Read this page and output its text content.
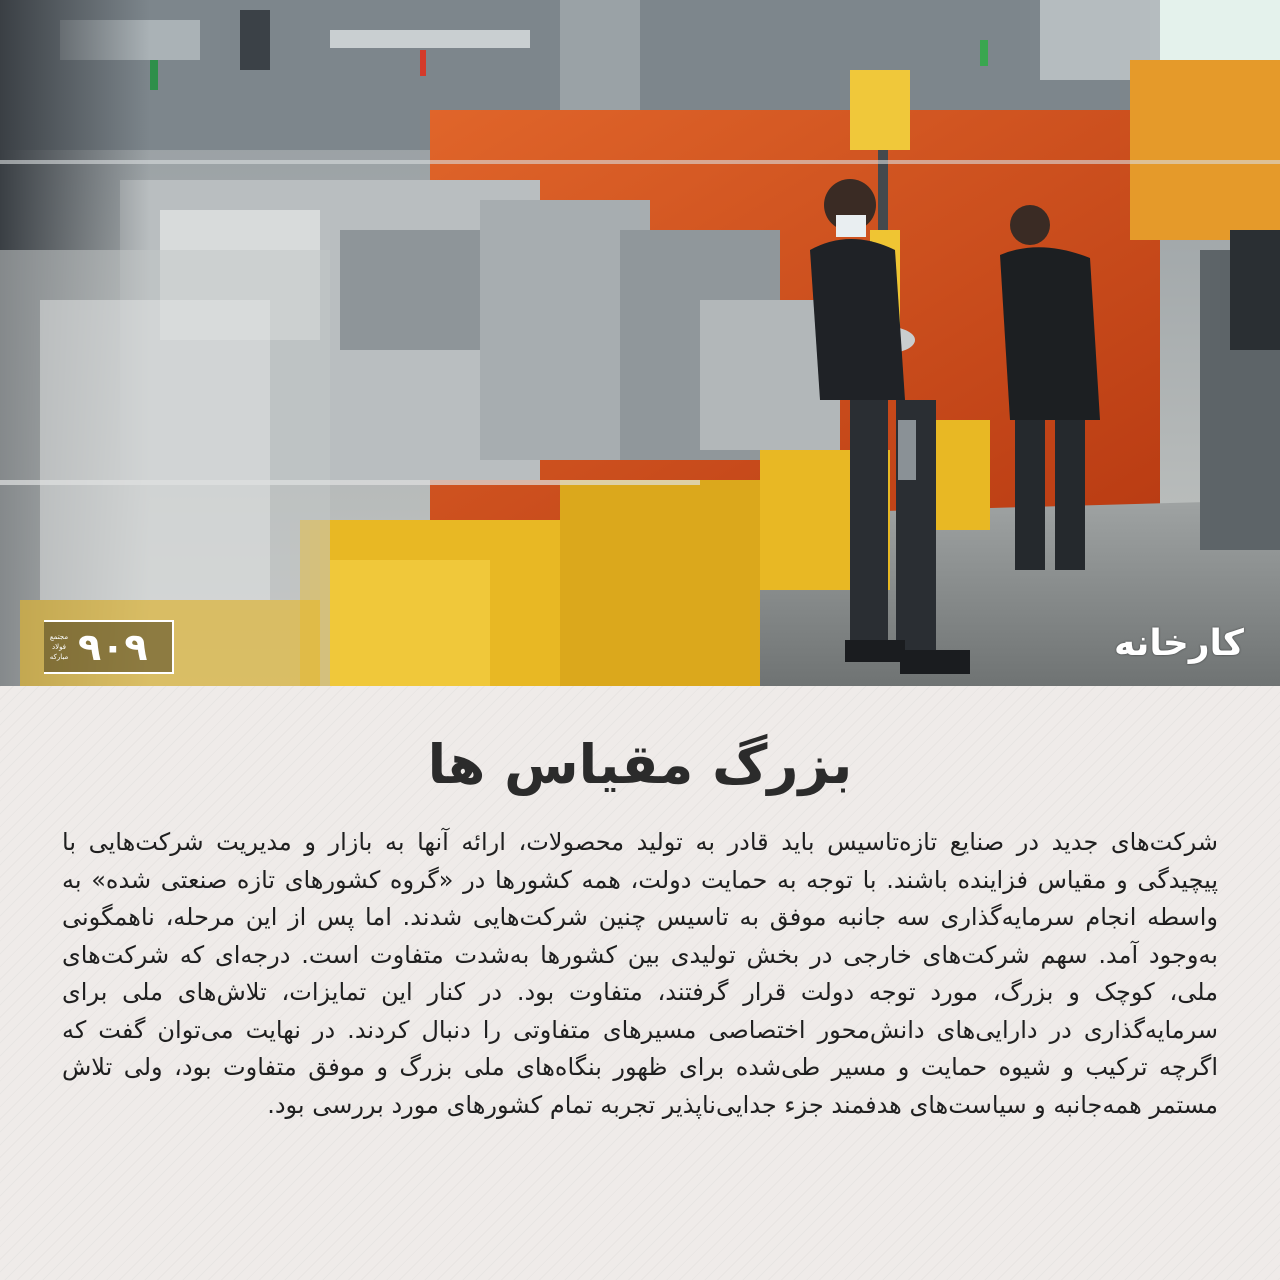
مجتمع
فولاد
مبارکه ۹۰۹	کارخانه
بزرگ مقیاس ها

شرکت‌های جدید در صنایع تازه‌تاسیس باید قادر به تولید محصولات، ارائه آنها به بازار و مدیریت شرکت‌هایی با پیچیدگی و مقیاس فزاینده باشند. با توجه به حمایت دولت، همه کشورها در «گروه کشورهای تازه صنعتی شده» به واسطه انجام سرمایه‌گذاری سه جانبه موفق به تاسیس چنین شرکت‌هایی شدند. اما پس از این مرحله، ناهمگونی به‌وجود آمد. سهم شرکت‌های خارجی در بخش تولیدی بین کشورها به‌شدت متفاوت است. درجه‌ای که شرکت‌های ملی، کوچک و بزرگ، مورد توجه دولت قرار گرفتند، متفاوت بود. در کنار این تمایزات، تلاش‌های ملی برای سرمایه‌گذاری در دارایی‌های دانش‌محور اختصاصی مسیرهای متفاوتی را دنبال کردند. در نهایت می‌توان گفت که اگرچه ترکیب و شیوه حمایت و مسیر طی‌شده برای ظهور بنگاه‌های ملی بزرگ و موفق متفاوت بود، ولی تلاش مستمر همه‌جانبه و سیاست‌های هدفمند جزء جدایی‌ناپذیر تجربه تمام کشورهای مورد بررسی بود.
